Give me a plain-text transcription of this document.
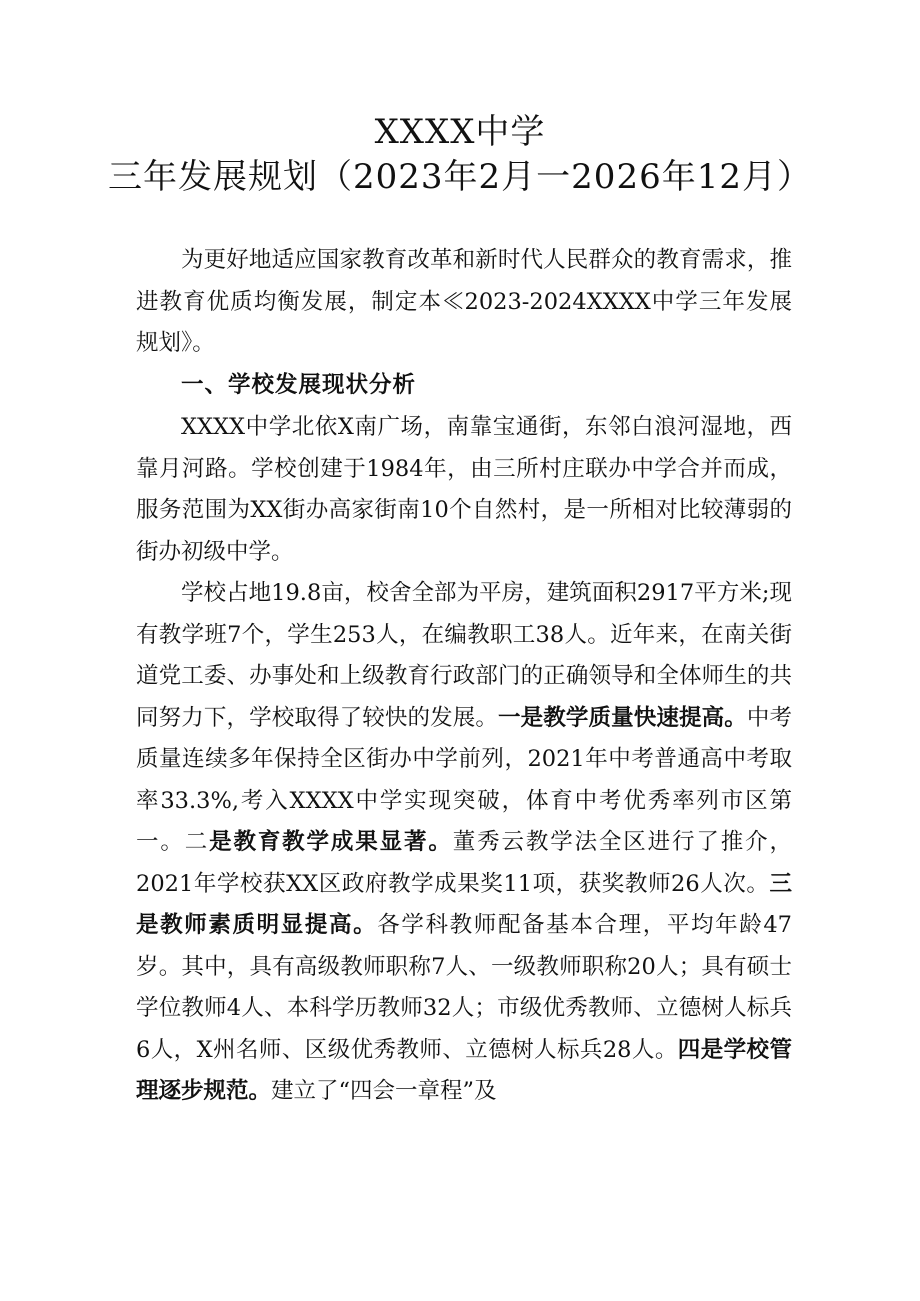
XXXX中学
三年发展规划（2023年2月一2026年12月）

为更好地适应国家教育改革和新时代人民群众的教育需求，推进教育优质均衡发展，制定本≪2023-2024XXXX中学三年发展规划》。

一、学校发展现状分析

XXXX中学北依X南广场，南靠宝通街，东邻白浪河湿地，西靠月河路。学校创建于1984年，由三所村庄联办中学合并而成，服务范围为XX街办高家街南10个自然村，是一所相对比较薄弱的街办初级中学。

学校占地19.8亩，校舍全部为平房，建筑面积2917平方米;现有教学班7个，学生253人，在编教职工38人。近年来，在南关街道党工委、办事处和上级教育行政部门的正确领导和全体师生的共同努力下，学校取得了较快的发展。一是教学质量快速提高。中考质量连续多年保持全区街办中学前列，2021年中考普通高中考取率33.3%,考入XXXX中学实现突破，体育中考优秀率列市区第一。二是教育教学成果显著。董秀云教学法全区进行了推介，2021年学校获XX区政府教学成果奖11项，获奖教师26人次。三是教师素质明显提高。各学科教师配备基本合理，平均年龄47岁。其中，具有高级教师职称7人、一级教师职称20人；具有硕士学位教师4人、本科学历教师32人；市级优秀教师、立德树人标兵6人，X州名师、区级优秀教师、立德树人标兵28人。四是学校管理逐步规范。建立了“四会一章程”及
